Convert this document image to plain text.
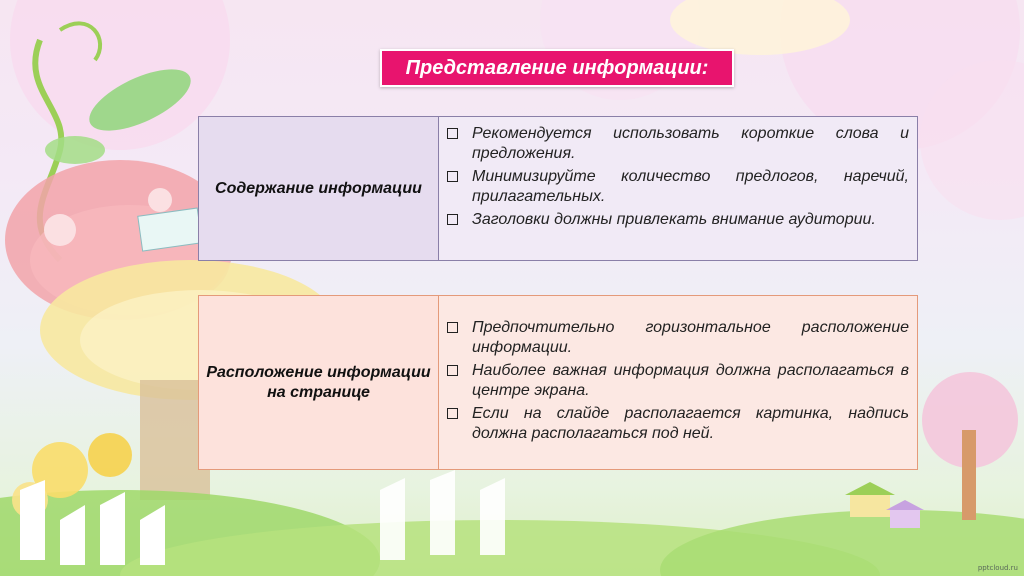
Представление информации:
Содержание информации
Рекомендуется использовать короткие слова и предложения.
Минимизируйте количество предлогов, наречий, прилагательных.
Заголовки должны привлекать внимание аудитории.
Расположение информации на странице
Предпочтительно горизонтальное расположение информации.
Наиболее важная информация должна располагаться в центре экрана.
Если на слайде располагается картинка, надпись должна располагаться под ней.
pptcloud.ru
